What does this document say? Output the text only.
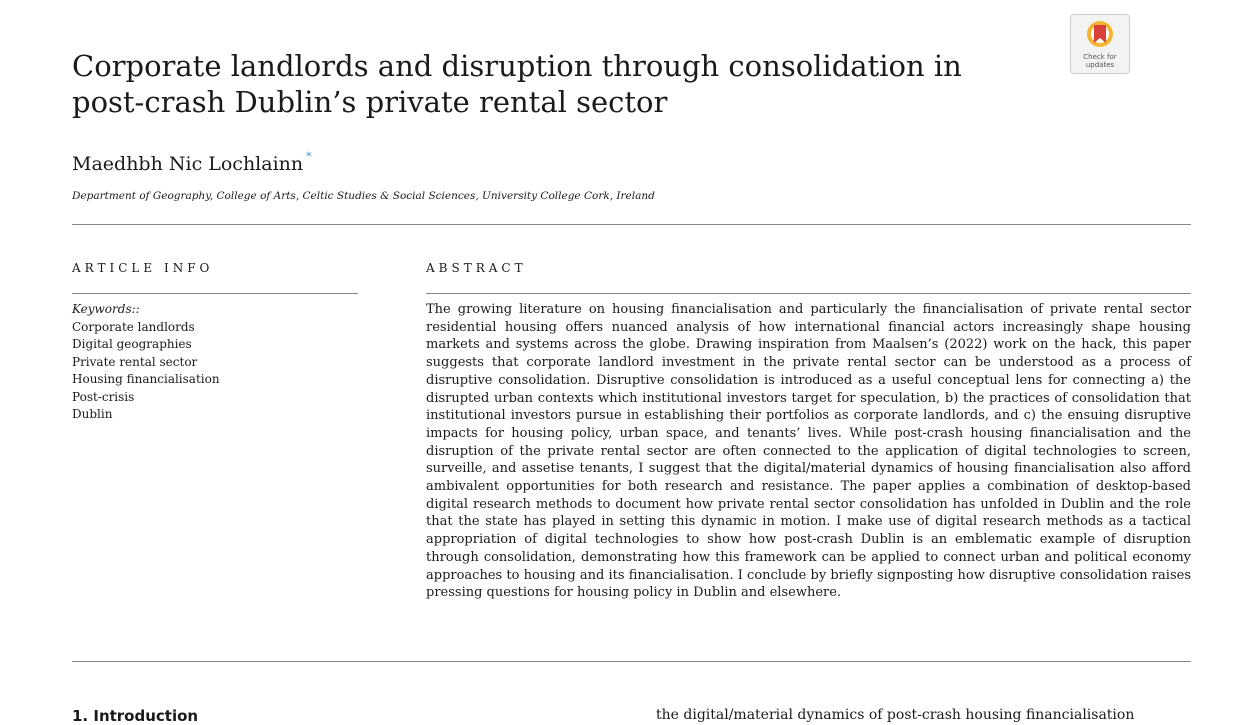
Corporate landlords and disruption through consolidation in post-crash Dublin’s private rental sector
Check for
updates
Maedhbh Nic Lochlainn *
Department of Geography, College of Arts, Celtic Studies & Social Sciences, University College Cork, Ireland
ARTICLE INFO	ABSTRACT
Keywords::
Corporate landlords
Digital geographies
Private rental sector
Housing financialisation
Post-crisis
Dublin
The growing literature on housing financialisation and particularly the financialisation of private rental sector residential housing offers nuanced analysis of how international financial actors increasingly shape housing markets and systems across the globe. Drawing inspiration from Maalsen’s (2022) work on the hack, this paper suggests that corporate landlord investment in the private rental sector can be understood as a process of disruptive consolidation. Disruptive consolidation is introduced as a useful conceptual lens for connecting a) the disrupted urban contexts which institutional investors target for speculation, b) the practices of consolidation that institutional investors pursue in establishing their portfolios as corporate landlords, and c) the ensuing disruptive impacts for housing policy, urban space, and tenants’ lives. While post-crash housing financialisation and the disruption of the private rental sector are often connected to the application of digital technologies to screen, surveille, and assetise tenants, I suggest that the digital/material dynamics of housing financialisation also afford ambivalent opportunities for both research and resistance. The paper applies a combination of desktop-based digital research methods to document how private rental sector consolidation has unfolded in Dublin and the role that the state has played in setting this dynamic in motion. I make use of digital research methods as a tactical appropriation of digital technologies to show how post-crash Dublin is an emblematic example of disruption through consolidation, demonstrating how this framework can be applied to connect urban and political economy approaches to housing and its financialisation. I conclude by briefly signposting how disruptive consolidation raises pressing questions for housing policy in Dublin and elsewhere.
1. Introduction	the digital/material dynamics of post-crash housing financialisation
